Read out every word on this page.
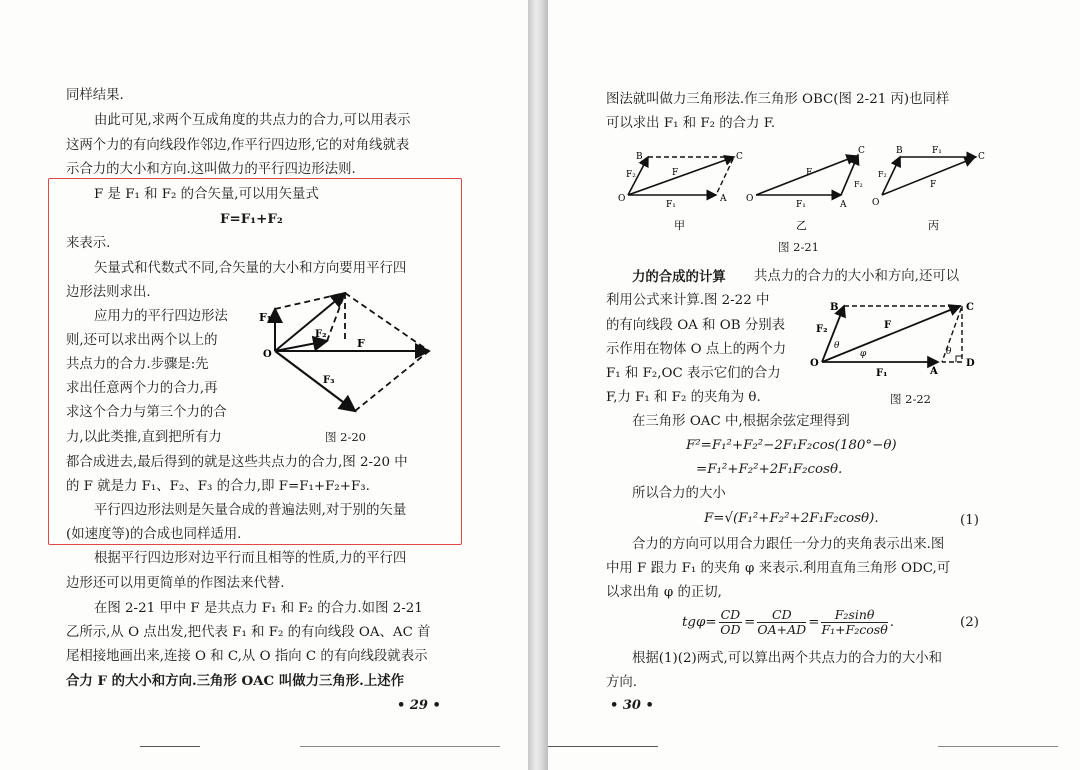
同样结果.
由此可见,求两个互成角度的共点力的合力,可以用表示
这两个力的有向线段作邻边,作平行四边形,它的对角线就表
示合力的大小和方向.这叫做力的平行四边形法则.
F 是 F₁ 和 F₂ 的合矢量,可以用矢量式
F=F₁+F₂
来表示.
矢量式和代数式不同,合矢量的大小和方向要用平行四
边形法则求出.
应用力的平行四边形法
则,还可以求出两个以上的
共点力的合力.步骤是:先
求出任意两个力的合力,再
求这个合力与第三个力的合
力,以此类推,直到把所有力
都合成进去,最后得到的就是这些共点力的合力,图 2-20 中
的 F 就是力 F₁、F₂、F₃ 的合力,即 F=F₁+F₂+F₃.
平行四边形法则是矢量合成的普遍法则,对于别的矢量
(如速度等)的合成也同样适用.
根据平行四边形对边平行而且相等的性质,力的平行四
边形还可以用更简单的作图法来代替.
在图 2-21 甲中 F 是共点力 F₁ 和 F₂ 的合力.如图 2-21
乙所示,从 O 点出发,把代表 F₁ 和 F₂ 的有向线段 OA、AC 首
尾相接地画出来,连接 O 和 C,从 O 指向 C 的有向线段就表示
合力 F 的大小和方向.三角形 OAC 叫做力三角形.上述作
F₁
F₂
F
F₃
O
图 2-20
• 29 •
图法就叫做力三角形法.作三角形 OBC(图 2-21 丙)也同样
可以求出 F₁ 和 F₂ 的合力 F.
B	C
F₂	F
O
F₁
A
C
F
F₂
O
F₁	A
B	F₁
C
F₂
F
O
甲	乙	丙
图 2-21
力的合成的计算 共点力的合力的大小和方向,还可以
利用公式来计算.图 2-22 中
的有向线段 OA 和 OB 分别表
示作用在物体 O 点上的两个力
F₁ 和 F₂,OC 表示它们的合力
F,力 F₁ 和 F₂ 的夹角为 θ.
B	C
F₂	F
θ
φ	θ
O
F₁	A
D
图 2-22
在三角形 OAC 中,根据余弦定理得到
F²=F₁²+F₂²−2F₁F₂cos(180°−θ)
=F₁²+F₂²+2F₁F₂cosθ.
所以合力的大小
F=√(F₁²+F₂²+2F₁F₂cosθ).	(1)
合力的方向可以用合力跟任一分力的夹角表示出来.图
中用 F 跟力 F₁ 的夹角 φ 来表示.利用直角三角形 ODC,可
以求出角 φ 的正切,
$tg\varphi= \frac{CD}{OD} = \frac{CD}{OA+AD} = \frac{\text{F₂sinθ}}{\text{F₁+F₂cosθ}}$ .	(2)
根据(1)(2)两式,可以算出两个共点力的合力的大小和
方向.
• 30 •
